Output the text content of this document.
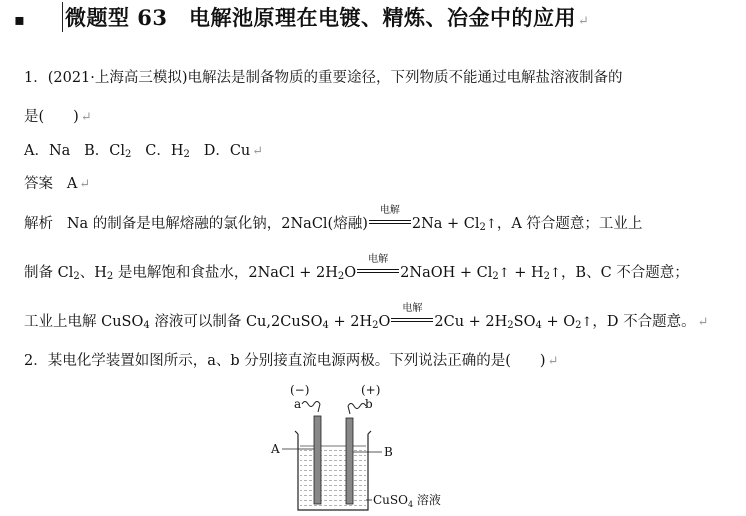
▪ 微题型 63　电解池原理在电镀、精炼、冶金中的应用 ↵
1．(2021·上海高三模拟)电解法是制备物质的重要途径，下列物质不能通过电解盐溶液制备的
是(　　) ↵
A．Na B．$Cl_2$ C．$H_2$ D．Cu ↵
答案 A ↵
解析 Na 的制备是电解熔融的氯化钠，2NaCl(熔融)
电解
$2Na + Cl_2↑$，A 符合题意；工业上
制备 $Cl_2$、$H_2$ 是电解饱和食盐水，2NaCl + $2H_2O$
电解
2NaOH + $Cl_2↑$ + $H_2↑$，B、C 不合题意；
工业上电解 CuSO$_4$ 溶液可以制备 Cu,2CuSO$_4$ + $2H_2O$
电解
$2Cu + 2H_2SO_4$ + $O_2↑$，D 不合题意。 ↵
2．某电化学装置如图所示，a、b 分别接直流电源两极。下列说法正确的是(　　) ↵
(−)	(+)
a	b
A	B
CuSO$_4$ 溶液
